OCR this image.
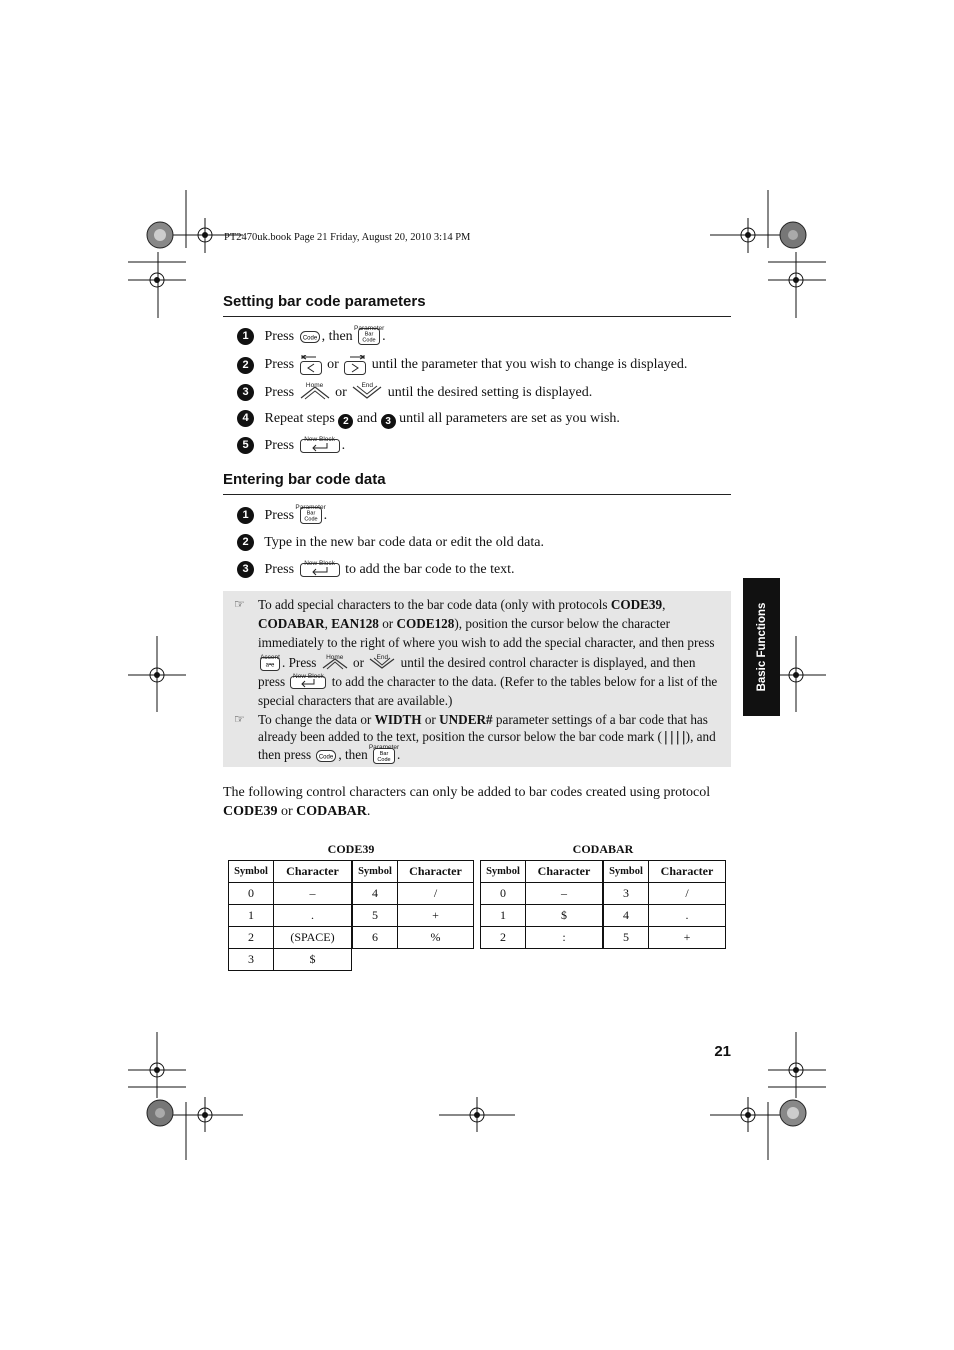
PT2470uk.book Page 21 Friday, August 20, 2010 3:14 PM
Setting bar code parameters
1 Press Code , then
Parameter
Bar
Code .
2 Press or until the parameter that you wish to change is displayed.
3 Press Home or End until the desired setting is displayed.
4 Repeat steps 2 and 3 until all parameters are set as you wish.
5 Press New Block .
Entering bar code data
1 Press
Parameter
Bar
Code .
2 Type in the new bar code data or edit the old data.
3 Press New Block to add the bar code to the text.
☞ To add special characters to the bar code data (only with protocols CODE39, CODABAR, EAN128 or CODE128), position the cursor below the character immediately to the right of where you wish to add the special character, and then press
Accent
a•e . Press Home or End until the desired control character is displayed, and then press New Block to add the character to the data. (Refer to the tables below for a list of the special characters that are available.)
☞ To change the data or WIDTH or UNDER# parameter settings of a bar code that has already been added to the text, position the cursor below the bar code mark (||||), and then press Code , then Parameter
Bar
Code .
The following control characters can only be added to bar codes created using protocol
CODE39 or CODABAR.
CODE39
Symbol	Character
0	–
1	.
2	(SPACE)
3	$
Symbol	Character
4	/
5	+
6	%
CODABAR
Symbol	Character
0	–
1	$
2	:
Symbol	Character
3	/
4	.
5	+
Basic Functions
21
